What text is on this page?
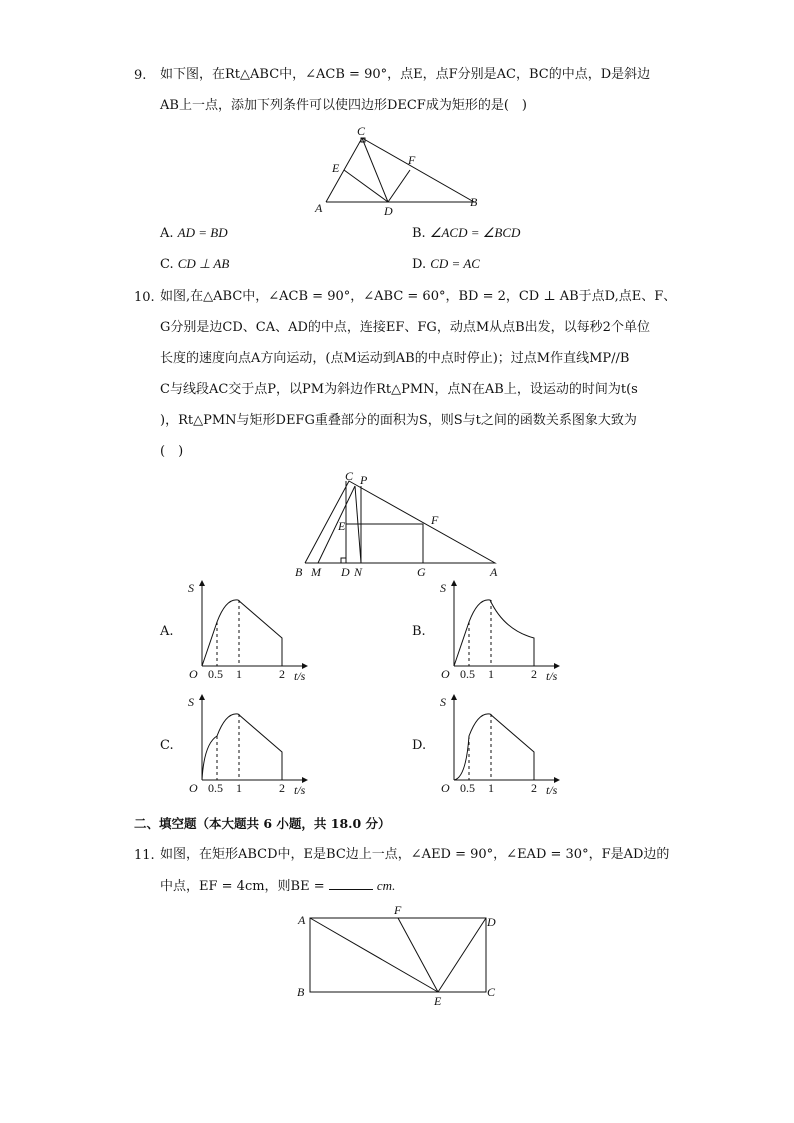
9. 如下图，在Rt△ABC中，∠ACB = 90°，点E，点F分别是AC，BC的中点，D是斜边
AB上一点，添加下列条件可以使四边形DECF成为矩形的是(　)
C
E
F
A	D
B
A. AD = BD	B. ∠ACD = ∠BCD
C. CD ⊥ AB	D. CD = AC
10. 如图,在△ABC中，∠ACB = 90°，∠ABC = 60°，BD = 2，CD ⊥ AB于点D,点E、F、
G分别是边CD、CA、AD的中点，连接EF、FG，动点M从点B出发，以每秒2个单位
长度的速度向点A方向运动，(点M运动到AB的中点时停止)；过点M作直线MP//B
C与线段AC交于点P，以PM为斜边作Rt△PMN，点N在AB上，设运动的时间为t(s
)，Rt△PMN与矩形DEFG重叠部分的面积为S，则S与t之间的函数关系图象大致为
(　)
C P
E	F
B M D N	G	A
A.
S
O 0.5 1	2 t/s
B.
S
O 0.5 1	2 t/s
C.
S
O 0.5 1	2 t/s
D.
S
O 0.5 1	2 t/s
二、填空题（本大题共 6 小题，共 18.0 分）
11. 如图，在矩形ABCD中，E是BC边上一点，∠AED = 90°，∠EAD = 30°，F是AD边的
中点，EF = 4cm，则BE =	cm.
A
F
D
B
E
C
